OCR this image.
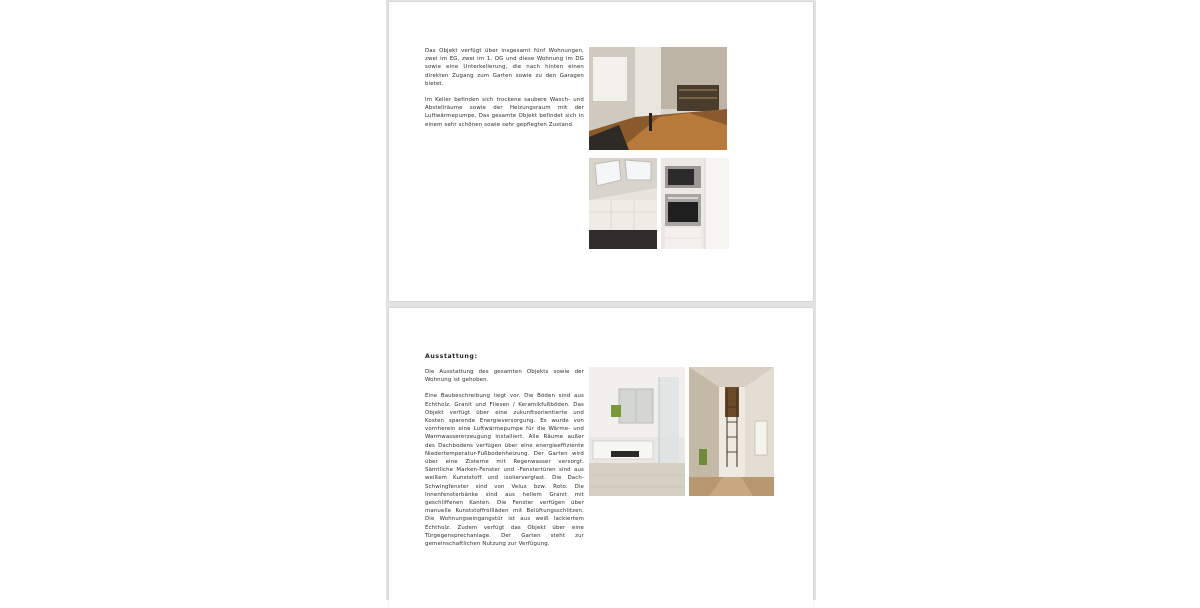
Das Objekt verfügt über insgesamt fünf Wohnungen, zwei im EG, zwei im 1. OG und diese Wohnung im DG sowie eine Unterkellerung, die nach hinten einen direkten Zugang zum Garten sowie zu den Garagen bietet.

Im Keller befinden sich trockene saubere Wasch- und Abstellräume sowie der Heizungsraum mit der Luftwärmepumpe. Das gesamte Objekt befindet sich in einem sehr schönen sowie sehr gepflegten Zustand.

Ausstattung:

Die Ausstattung des gesamten Objekts sowie der Wohnung ist gehoben.

Eine Baubeschreibung liegt vor. Die Böden sind aus Echtholz, Granit und Fliesen / Keramikfußböden. Das Objekt verfügt über eine zukunftsorientierte und Kosten sparende Energieversorgung. Es wurde von vornherein eine Luftwärmepumpe für die Wärme- und Warmwassererzeugung installiert. Alle Räume außer des Dachbodens verfügen über eine energieeffiziente Niedertemperatur-Fußbodenheizung. Der Garten wird über eine Zisterne mit Regenwasser versorgt. Sämtliche Marken-Fenster und -Fenstertüren sind aus weißem Kunststoff und isolierverglast. Die Dach-Schwingfenster sind von Velux bzw. Roto. Die Innenfensterbänke sind aus hellem Granit mit geschliffenen Kanten. Die Fenster verfügen über manuelle Kunststoffrollläden mit Belüftungsschlitzen. Die Wohnungseingangstür ist aus weiß lackiertem Echtholz. Zudem verfügt das Objekt über eine Türgegensprechanlage. Der Garten steht zur gemeinschaftlichen Nutzung zur Verfügung.
